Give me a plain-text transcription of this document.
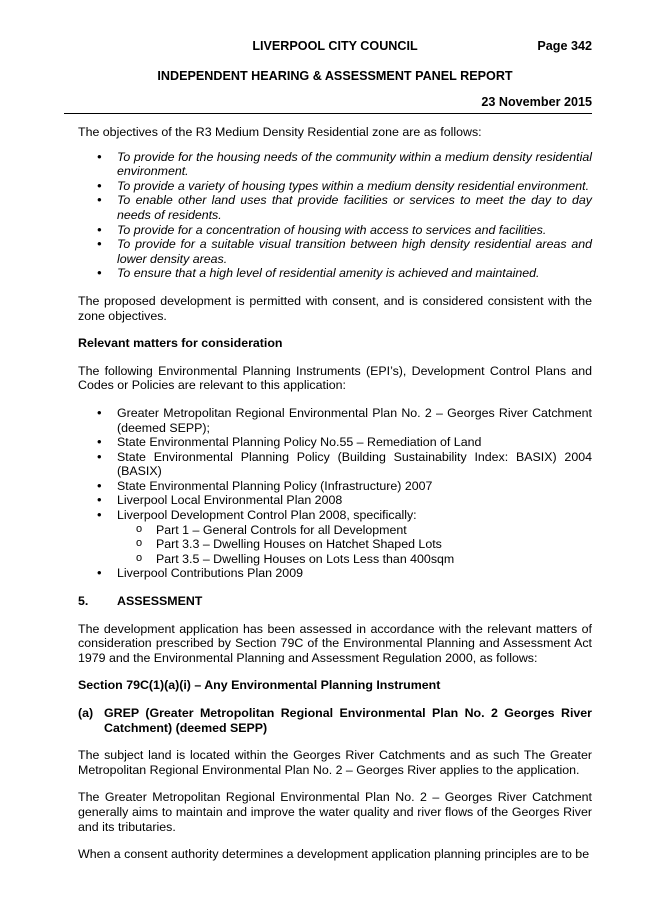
LIVERPOOL CITY COUNCIL	Page 342
INDEPENDENT HEARING & ASSESSMENT PANEL REPORT
23 November 2015

The objectives of the R3 Medium Density Residential zone are as follows:

• To provide for the housing needs of the community within a medium density residential environment.
• To provide a variety of housing types within a medium density residential environment.
• To enable other land uses that provide facilities or services to meet the day to day needs of residents.
• To provide for a concentration of housing with access to services and facilities.
• To provide for a suitable visual transition between high density residential areas and lower density areas.
• To ensure that a high level of residential amenity is achieved and maintained.

The proposed development is permitted with consent, and is considered consistent with the zone objectives.

Relevant matters for consideration

The following Environmental Planning Instruments (EPI’s), Development Control Plans and Codes or Policies are relevant to this application:

• Greater Metropolitan Regional Environmental Plan No. 2 – Georges River Catchment (deemed SEPP);
• State Environmental Planning Policy No.55 – Remediation of Land
• State Environmental Planning Policy (Building Sustainability Index: BASIX) 2004 (BASIX)
• State Environmental Planning Policy (Infrastructure) 2007
• Liverpool Local Environmental Plan 2008
• Liverpool Development Control Plan 2008, specifically:
o Part 1 – General Controls for all Development
o Part 3.3 – Dwelling Houses on Hatchet Shaped Lots
o Part 3.5 – Dwelling Houses on Lots Less than 400sqm
• Liverpool Contributions Plan 2009
5.	ASSESSMENT

The development application has been assessed in accordance with the relevant matters of consideration prescribed by Section 79C of the Environmental Planning and Assessment Act 1979 and the Environmental Planning and Assessment Regulation 2000, as follows:

Section 79C(1)(a)(i) – Any Environmental Planning Instrument

(a) GREP (Greater Metropolitan Regional Environmental Plan No. 2 Georges River Catchment) (deemed SEPP)

The subject land is located within the Georges River Catchments and as such The Greater Metropolitan Regional Environmental Plan No. 2 – Georges River applies to the application.

The Greater Metropolitan Regional Environmental Plan No. 2 – Georges River Catchment generally aims to maintain and improve the water quality and river flows of the Georges River and its tributaries.

When a consent authority determines a development application planning principles are to be
